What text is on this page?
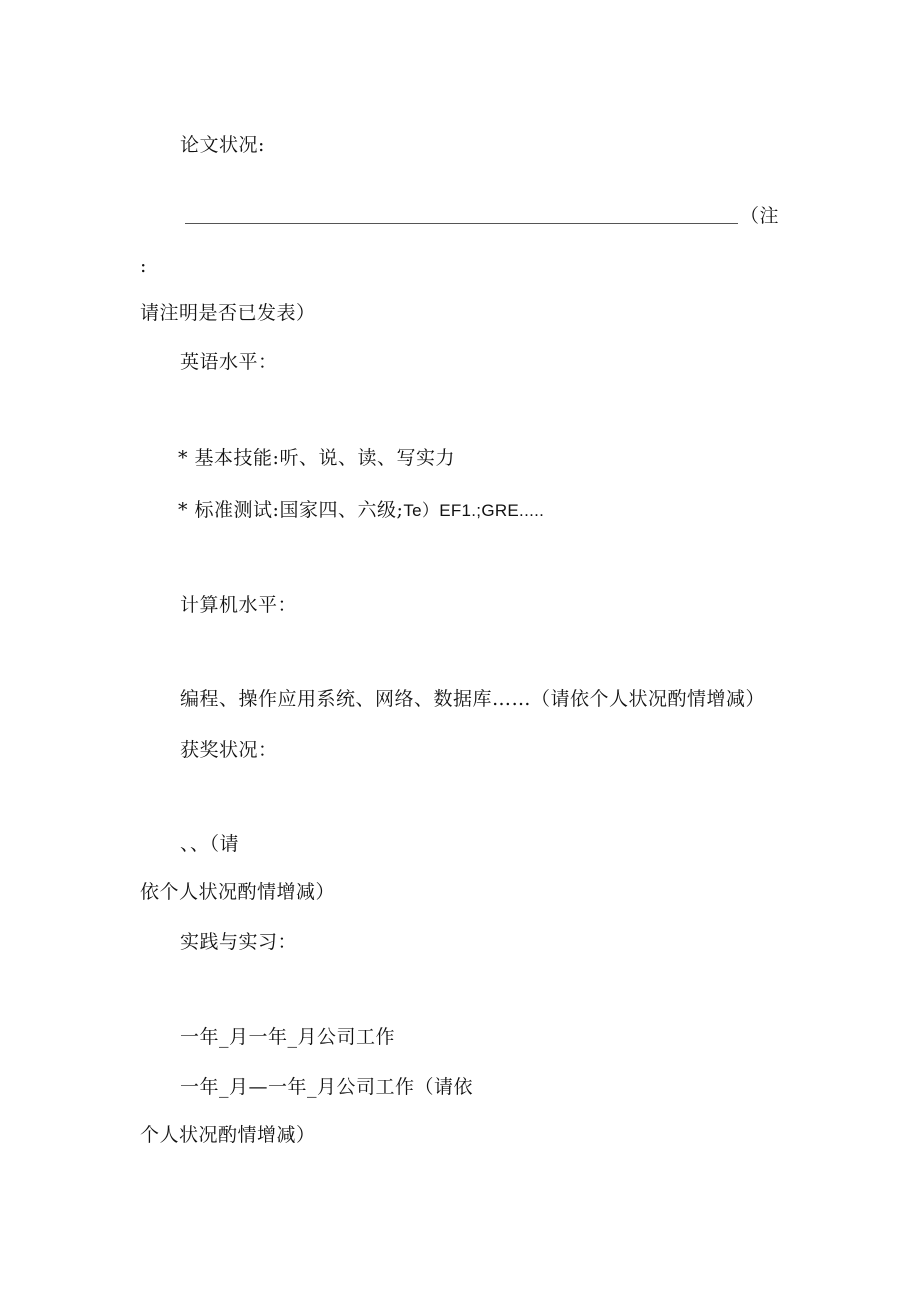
论文状况:
（注
:
请注明是否已发表）
英语水平：
* 基本技能:听、说、读、写实力
* 标准测试:国家四、六级;Te）EF1.;GRE.....
计算机水平：
编程、操作应用系统、网络、数据库……（请依个人状况酌情增减）
获奖状况：
、、（请
依个人状况酌情增减）
实践与实习：
一年_月一年_月公司工作
一年_月—一年_月公司工作（请依
个人状况酌情增减）
